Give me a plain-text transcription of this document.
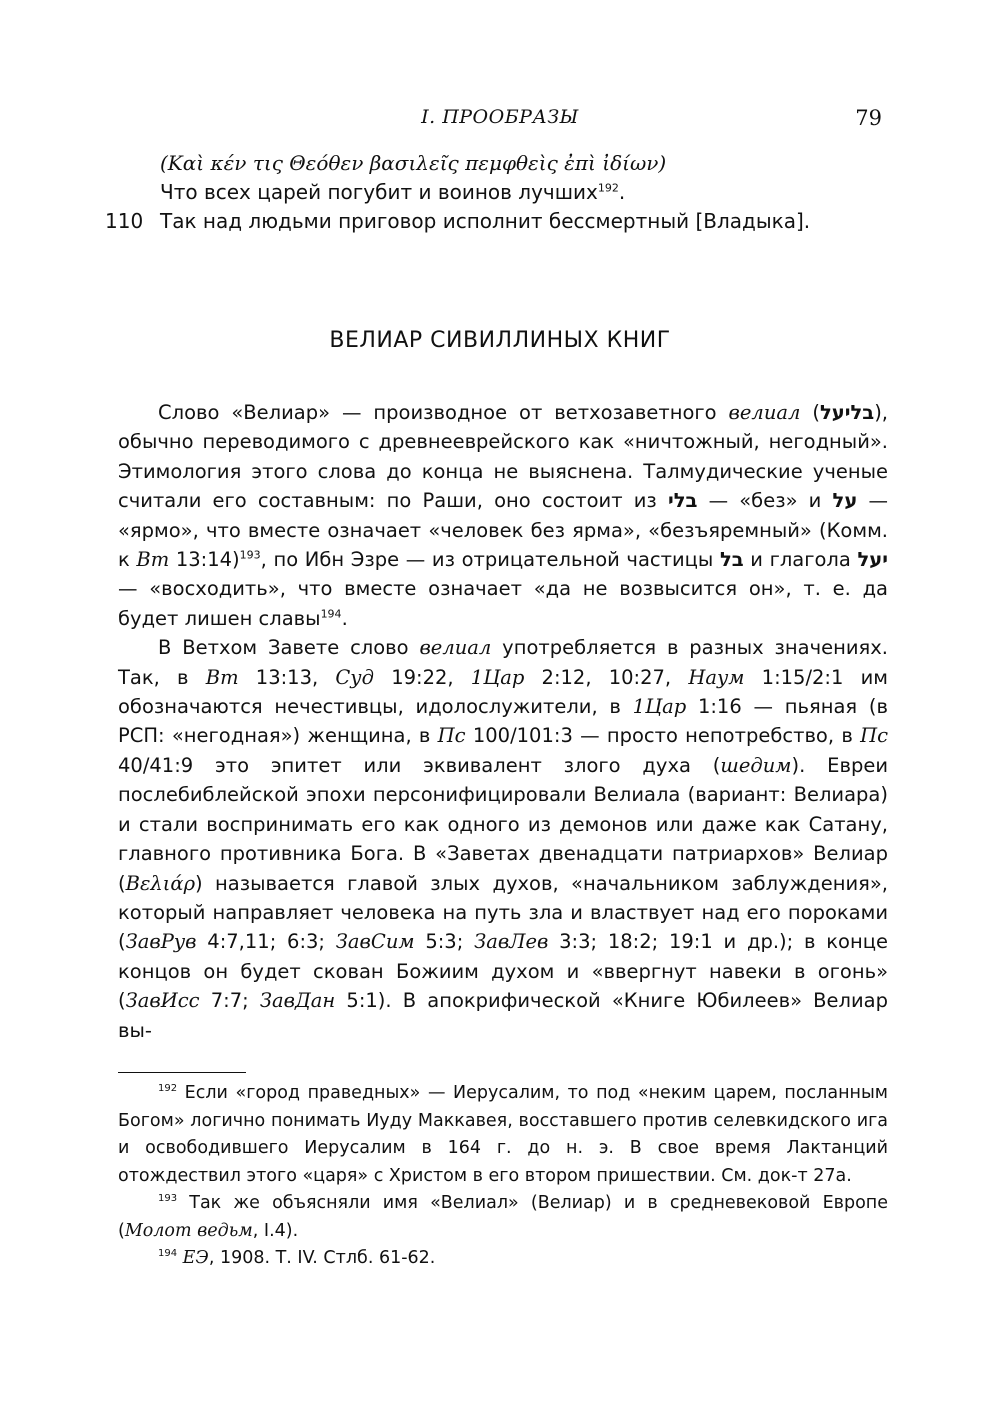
I. ПРООБРАЗЫ	79
(Καὶ κέν τις Θεόθεν βασιλεῖς πεμφθεὶς ἐπὶ ἰδίων)
Что всех царей погубит и воинов лучших$^{192}$.
110 Так над людьми приговор исполнит бессмертный [Владыка].
ВЕЛИАР СИВИЛЛИНЫХ КНИГ

Слово «Велиар» — производное от ветхозаветного велиал (בליעל), обычно переводимого с древнееврейского как «ничтожный, негодный». Этимология этого слова до конца не выяснена. Талмудические ученые считали его составным: по Раши, оно состоит из בלי — «без» и על — «ярмо», что вместе означает «человек без ярма», «безъяремный» (Комм. к Вт 13:14)$^{193}$, по Ибн Эзре — из отрицательной частицы בל и глагола יעל — «восходить», что вместе означает «да не возвысится он», т. е. да будет лишен славы$^{194}$.

В Ветхом Завете слово велиал употребляется в разных значениях. Так, в Вт 13:13, Суд 19:22, 1Цар 2:12, 10:27, Наум 1:15/2:1 им обозначаются нечестивцы, идолослужители, в 1Цар 1:16 — пьяная (в РСП: «негодная») женщина, в Пс 100/101:3 — просто непотребство, в Пс 40/41:9 это эпитет или эквивалент злого духа (шедим). Евреи послебиблейской эпохи персонифицировали Велиала (вариант: Велиара) и стали воспринимать его как одного из демонов или даже как Сатану, главного противника Бога. В «Заветах двенадцати патриархов» Велиар (Βελιάρ) называется главой злых духов, «начальником заблуждения», который направляет человека на путь зла и властвует над его пороками (ЗавРув 4:7,11; 6:3; ЗавСим 5:3; ЗавЛев 3:3; 18:2; 19:1 и др.); в конце концов он будет скован Божиим духом и «ввергнут навеки в огонь» (ЗавИсс 7:7; ЗавДан 5:1). В апокрифической «Книге Юбилеев» Велиар вы-

$^{192}$ Если «город праведных» — Иерусалим, то под «неким царем, посланным Богом» логично понимать Иуду Маккавея, восставшего против селевкидского ига и освободившего Иерусалим в 164 г. до н. э. В свое время Лактанций отождествил этого «царя» с Христом в его втором пришествии. См. док-т 27а.

$^{193}$ Так же объясняли имя «Велиал» (Велиар) и в средневековой Европе (Молот ведьм, I.4).

$^{194}$ ЕЭ, 1908. Т. IV. Стлб. 61-62.
